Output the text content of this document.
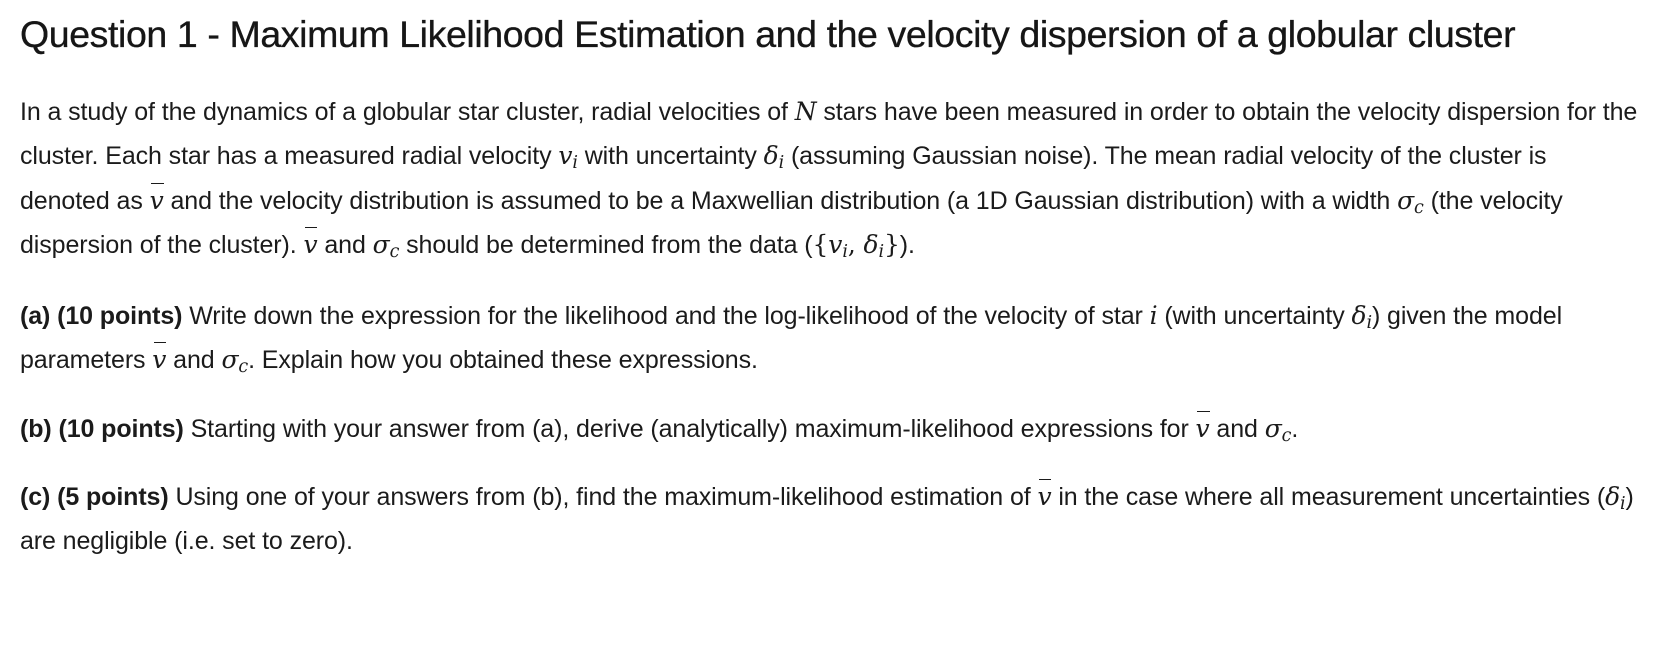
Question 1 - Maximum Likelihood Estimation and the velocity dispersion of a globular cluster

In a study of the dynamics of a globular star cluster, radial velocities of N stars have been measured in order to obtain the velocity dispersion for the cluster. Each star has a measured radial velocity $v_i$ with uncertainty $\delta_i$ (assuming Gaussian noise). The mean radial velocity of the cluster is denoted as v and the velocity distribution is assumed to be a Maxwellian distribution (a 1D Gaussian distribution) with a width $\sigma_c$ (the velocity dispersion of the cluster). v and $\sigma_c$ should be determined from the data ({$v_i$, $\delta_i$}).

(a) (10 points) Write down the expression for the likelihood and the log-likelihood of the velocity of star i (with uncertainty $\delta_i$) given the model parameters v and $\sigma_c$. Explain how you obtained these expressions.

(b) (10 points) Starting with your answer from (a), derive (analytically) maximum-likelihood expressions for v and $\sigma_c$.

(c) (5 points) Using one of your answers from (b), find the maximum-likelihood estimation of v in the case where all measurement uncertainties $(\delta_i)$ are negligible (i.e. set to zero).
